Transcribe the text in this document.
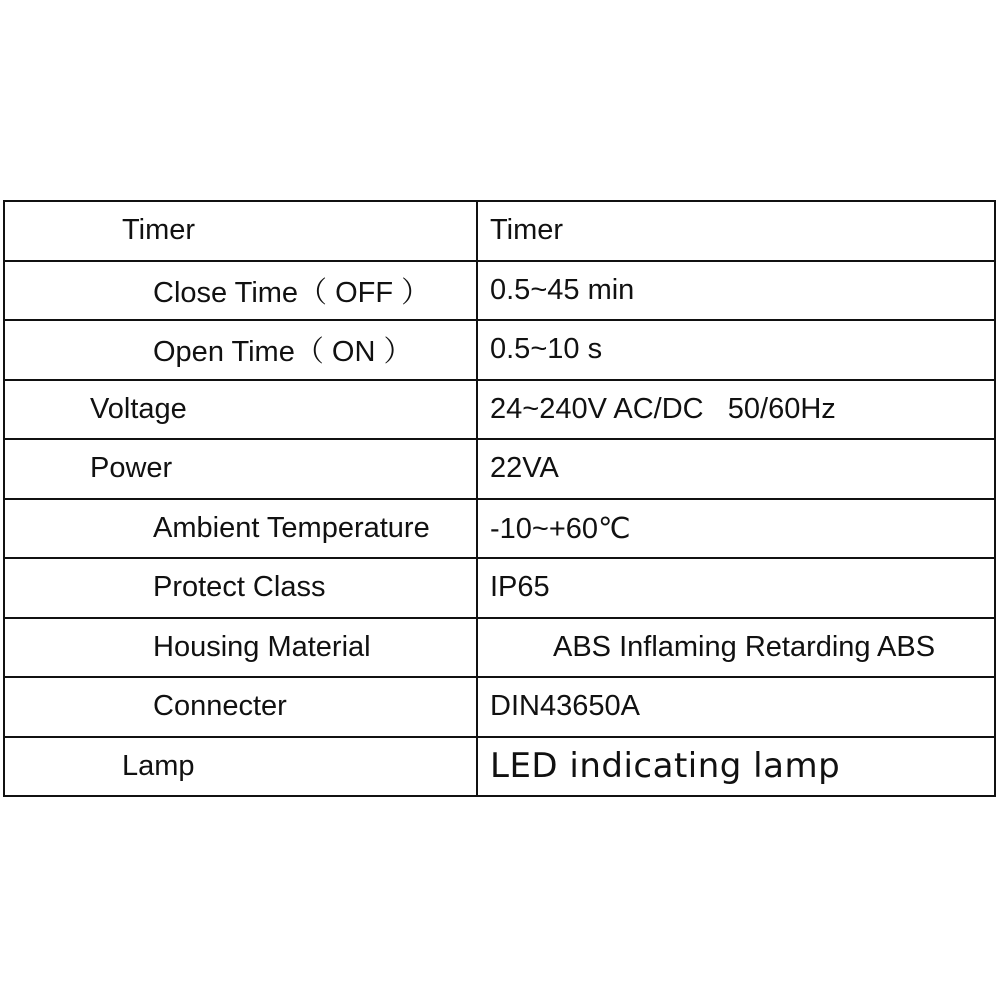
Timer	Timer
Close Time（ OFF ）	0.5~45 min
Open Time（ ON ）	0.5~10 s
Voltage	24~240V AC/DC   50/60Hz
Power	22VA
Ambient Temperature	-10~+60℃
Protect Class	IP65
Housing Material	ABS Inflaming Retarding ABS
Connecter	DIN43650A
Lamp	LED indicating lamp
